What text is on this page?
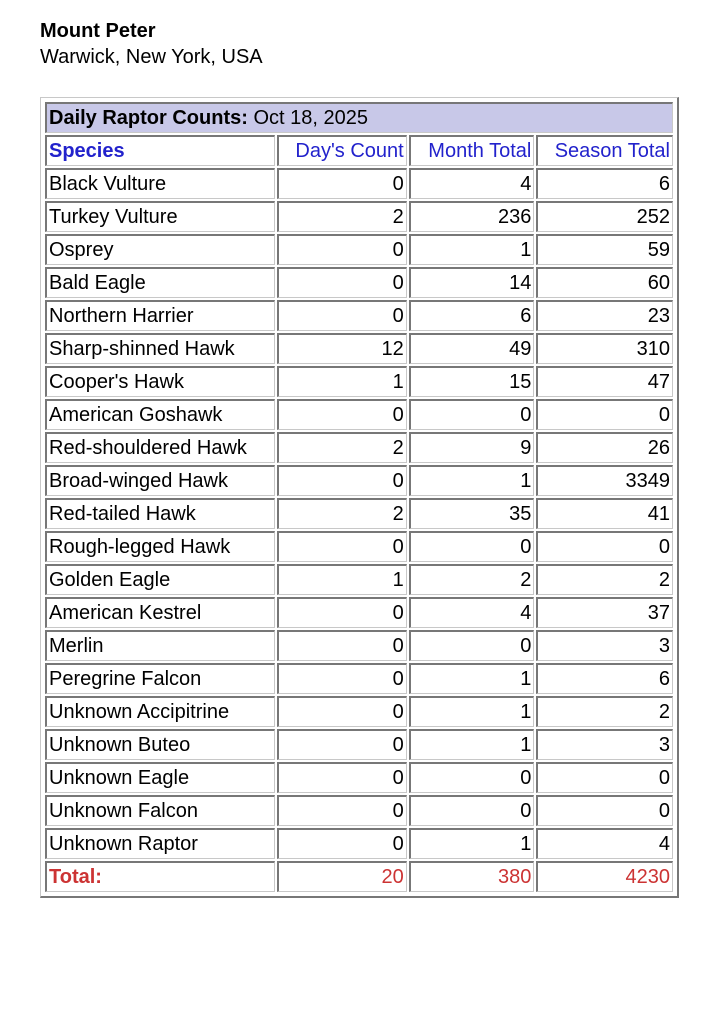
Mount Peter

Warwick, New York, USA

Daily Raptor Counts: Oct 18, 2025			
Species	Day's Count	Month Total	Season Total
Black Vulture	0	4	6
Turkey Vulture	2	236	252
Osprey	0	1	59
Bald Eagle	0	14	60
Northern Harrier	0	6	23
Sharp-shinned Hawk	12	49	310
Cooper's Hawk	1	15	47
American Goshawk	0	0	0
Red-shouldered Hawk	2	9	26
Broad-winged Hawk	0	1	3349
Red-tailed Hawk	2	35	41
Rough-legged Hawk	0	0	0
Golden Eagle	1	2	2
American Kestrel	0	4	37
Merlin	0	0	3
Peregrine Falcon	0	1	6
Unknown Accipitrine	0	1	2
Unknown Buteo	0	1	3
Unknown Eagle	0	0	0
Unknown Falcon	0	0	0
Unknown Raptor	0	1	4
Total:	20	380	4230
